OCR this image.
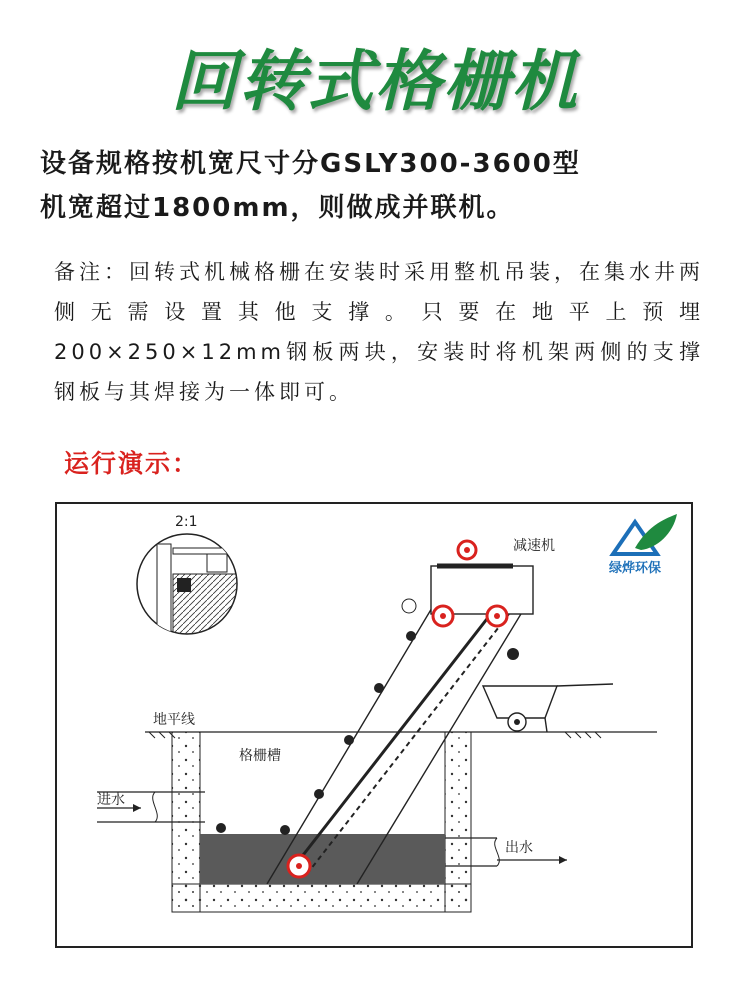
回转式格栅机
设备规格按机宽尺寸分GSLY300-3600型
机宽超过1800mm，则做成并联机。
备注：回转式机械格栅在安装时采用整机吊装，在集水井两侧无需设置其他支撑。只要在地平上预埋200×250×12mm钢板两块，安装时将机架两侧的支撑钢板与其焊接为一体即可。
运行演示：
2:1
绿烨环保
减速机
地平线
格栅槽
进水
出水
